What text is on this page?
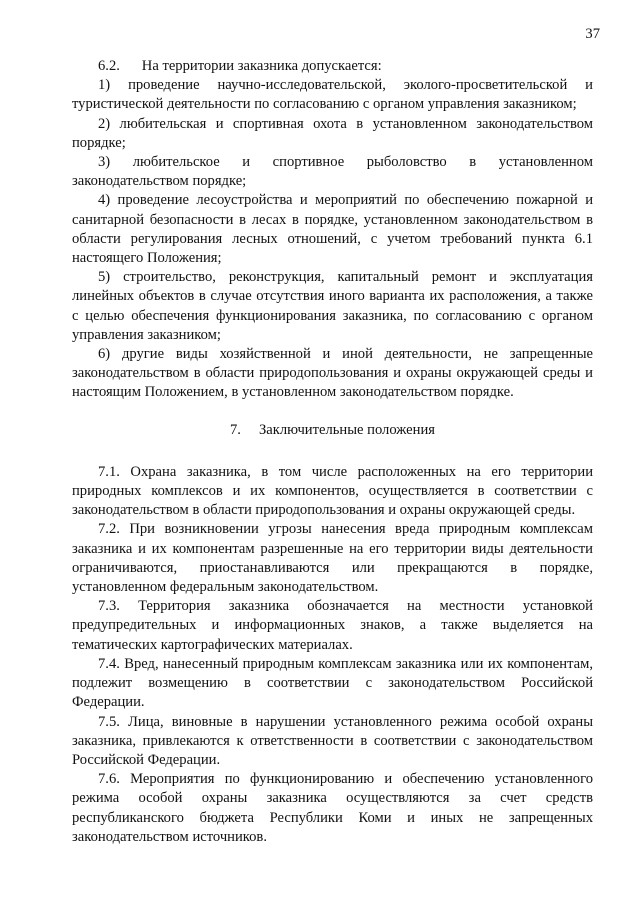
37

6.2.  На территории заказника допускается:

1) проведение научно-исследовательской, эколого-просветительской и туристической деятельности по согласованию с органом управления заказником;

2) любительская и спортивная охота в установленном законодательством порядке;

3) любительское и спортивное рыболовство в установленном законодательством порядке;

4) проведение лесоустройства и мероприятий по обеспечению пожарной и санитарной безопасности в лесах в порядке, установленном законодательством в области регулирования лесных отношений, с учетом требований пункта 6.1 настоящего Положения;

5) строительство, реконструкция, капитальный ремонт и эксплуатация линейных объектов в случае отсутствия иного варианта их расположения, а также с целью обеспечения функционирования заказника, по согласованию с органом управления заказником;

6) другие виды хозяйственной и иной деятельности, не запрещенные законодательством в области природопользования и охраны окружающей среды и настоящим Положением, в установленном законодательством порядке.

7. Заключительные положения

7.1. Охрана заказника, в том числе расположенных на его территории природных комплексов и их компонентов, осуществляется в соответствии с законодательством в области природопользования и охраны окружающей среды.

7.2. При возникновении угрозы нанесения вреда природным комплексам заказника и их компонентам разрешенные на его территории виды деятельности ограничиваются, приостанавливаются или прекращаются в порядке, установленном федеральным законодательством.

7.3. Территория заказника обозначается на местности установкой предупредительных и информационных знаков, а также выделяется на тематических картографических материалах.

7.4. Вред, нанесенный природным комплексам заказника или их компонентам, подлежит возмещению в соответствии с законодательством Российской Федерации.

7.5. Лица, виновные в нарушении установленного режима особой охраны заказника, привлекаются к ответственности в соответствии с законодательством Российской Федерации.

7.6. Мероприятия по функционированию и обеспечению установленного режима особой охраны заказника осуществляются за счет средств республиканского бюджета Республики Коми и иных не запрещенных законодательством источников.
